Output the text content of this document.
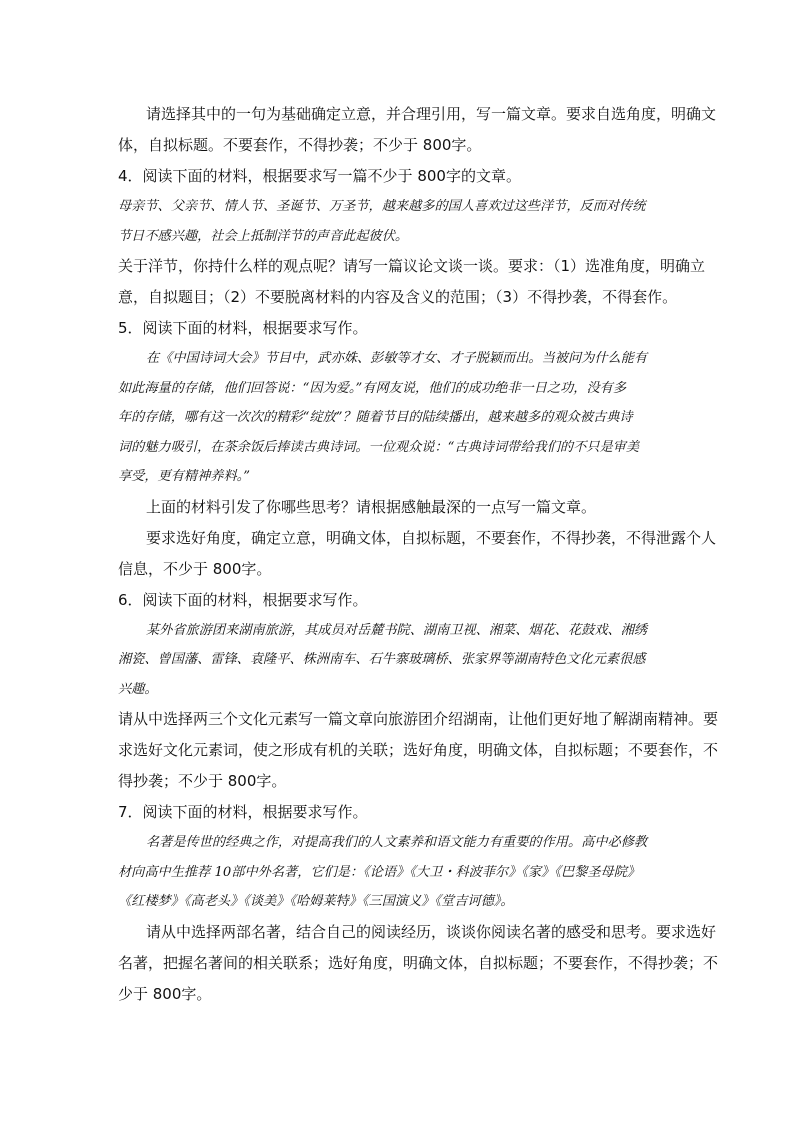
请选择其中的一句为基础确定立意，并合理引用，写一篇文章。要求自选角度，明确文
体，自拟标题。不要套作，不得抄袭；不少于 800字。
4．阅读下面的材料，根据要求写一篇不少于 800字的文章。
母亲节、父亲节、情人节、圣诞节、万圣节，越来越多的国人喜欢过这些洋节，反而对传统
节日不感兴趣，社会上抵制洋节的声音此起彼伏。
关于洋节，你持什么样的观点呢？请写一篇议论文谈一谈。要求：（1）选准角度，明确立
意，自拟题目；（2）不要脱离材料的内容及含义的范围；（3）不得抄袭，不得套作。
5．阅读下面的材料，根据要求写作。
在《中国诗词大会》节目中，武亦姝、彭敏等才女、才子脱颖而出。当被问为什么能有
如此海量的存储，他们回答说：“因为爱。”有网友说，他们的成功绝非一日之功，没有多
年的存储，哪有这一次次的精彩“绽放”？随着节目的陆续播出，越来越多的观众被古典诗
词的魅力吸引，在茶余饭后捧读古典诗词。一位观众说：“古典诗词带给我们的不只是审美
享受，更有精神养料。”
上面的材料引发了你哪些思考？请根据感触最深的一点写一篇文章。
要求选好角度，确定立意，明确文体，自拟标题，不要套作，不得抄袭，不得泄露个人
信息，不少于 800字。
6．阅读下面的材料，根据要求写作。
某外省旅游团来湖南旅游，其成员对岳麓书院、湖南卫视、湘菜、烟花、花鼓戏、湘绣
湘瓷、曾国藩、雷锋、袁隆平、株洲南车、石牛寨玻璃桥、张家界等湖南特色文化元素很感
兴趣。
请从中选择两三个文化元素写一篇文章向旅游团介绍湖南，让他们更好地了解湖南精神。要
求选好文化元素词，使之形成有机的关联；选好角度，明确文体，自拟标题；不要套作，不
得抄袭；不少于 800字。
7．阅读下面的材料，根据要求写作。
名著是传世的经典之作，对提高我们的人文素养和语文能力有重要的作用。高中必修教
材向高中生推荐 10部中外名著，它们是：《论语》《大卫・科波菲尔》《家》《巴黎圣母院》
《红楼梦》《高老头》《谈美》《哈姆莱特》《三国演义》《堂吉诃德》。
请从中选择两部名著，结合自己的阅读经历，谈谈你阅读名著的感受和思考。要求选好
名著，把握名著间的相关联系；选好角度，明确文体，自拟标题；不要套作，不得抄袭；不
少于 800字。
